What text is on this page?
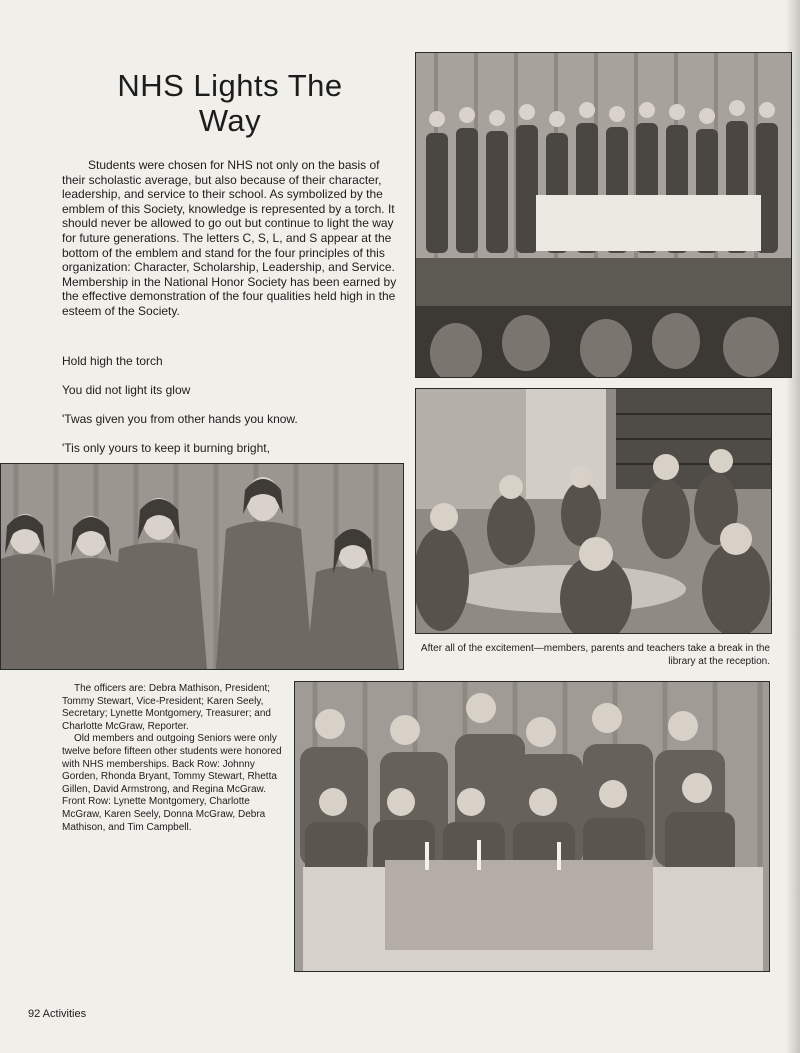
NHS Lights The
Way

Students were chosen for NHS not only on the basis of their scholastic average, but also because of their character, leadership, and service to their school. As symbolized by the emblem of this Society, knowledge is represented by a torch. It should never be allowed to go out but continue to light the way for future generations. The letters C, S, L, and S appear at the bottom of the emblem and stand for the four principles of this organization: Character, Scholarship, Leadership, and Service. Membership in the National Honor Society has been earned by the effective demonstration of the four qualities held high in the esteem of the Society.

Hold high the torch

You did not light its glow

'Twas given you from other hands you know.

'Tis only yours to keep it burning bright,

After all of the excitement—members, parents and teachers take a break in the library at the reception.

The officers are: Debra Mathison, President; Tommy Stewart, Vice-President; Karen Seely, Secretary; Lynette Montgomery, Treasurer; and Charlotte McGraw, Reporter.
Old members and outgoing Seniors were only twelve before fifteen other students were honored with NHS memberships. Back Row: Johnny Gorden, Rhonda Bryant, Tommy Stewart, Rhetta Gillen, David Armstrong, and Regina McGraw. Front Row: Lynette Montgomery, Charlotte McGraw, Karen Seely, Donna McGraw, Debra Mathison, and Tim Campbell.

92 Activities
